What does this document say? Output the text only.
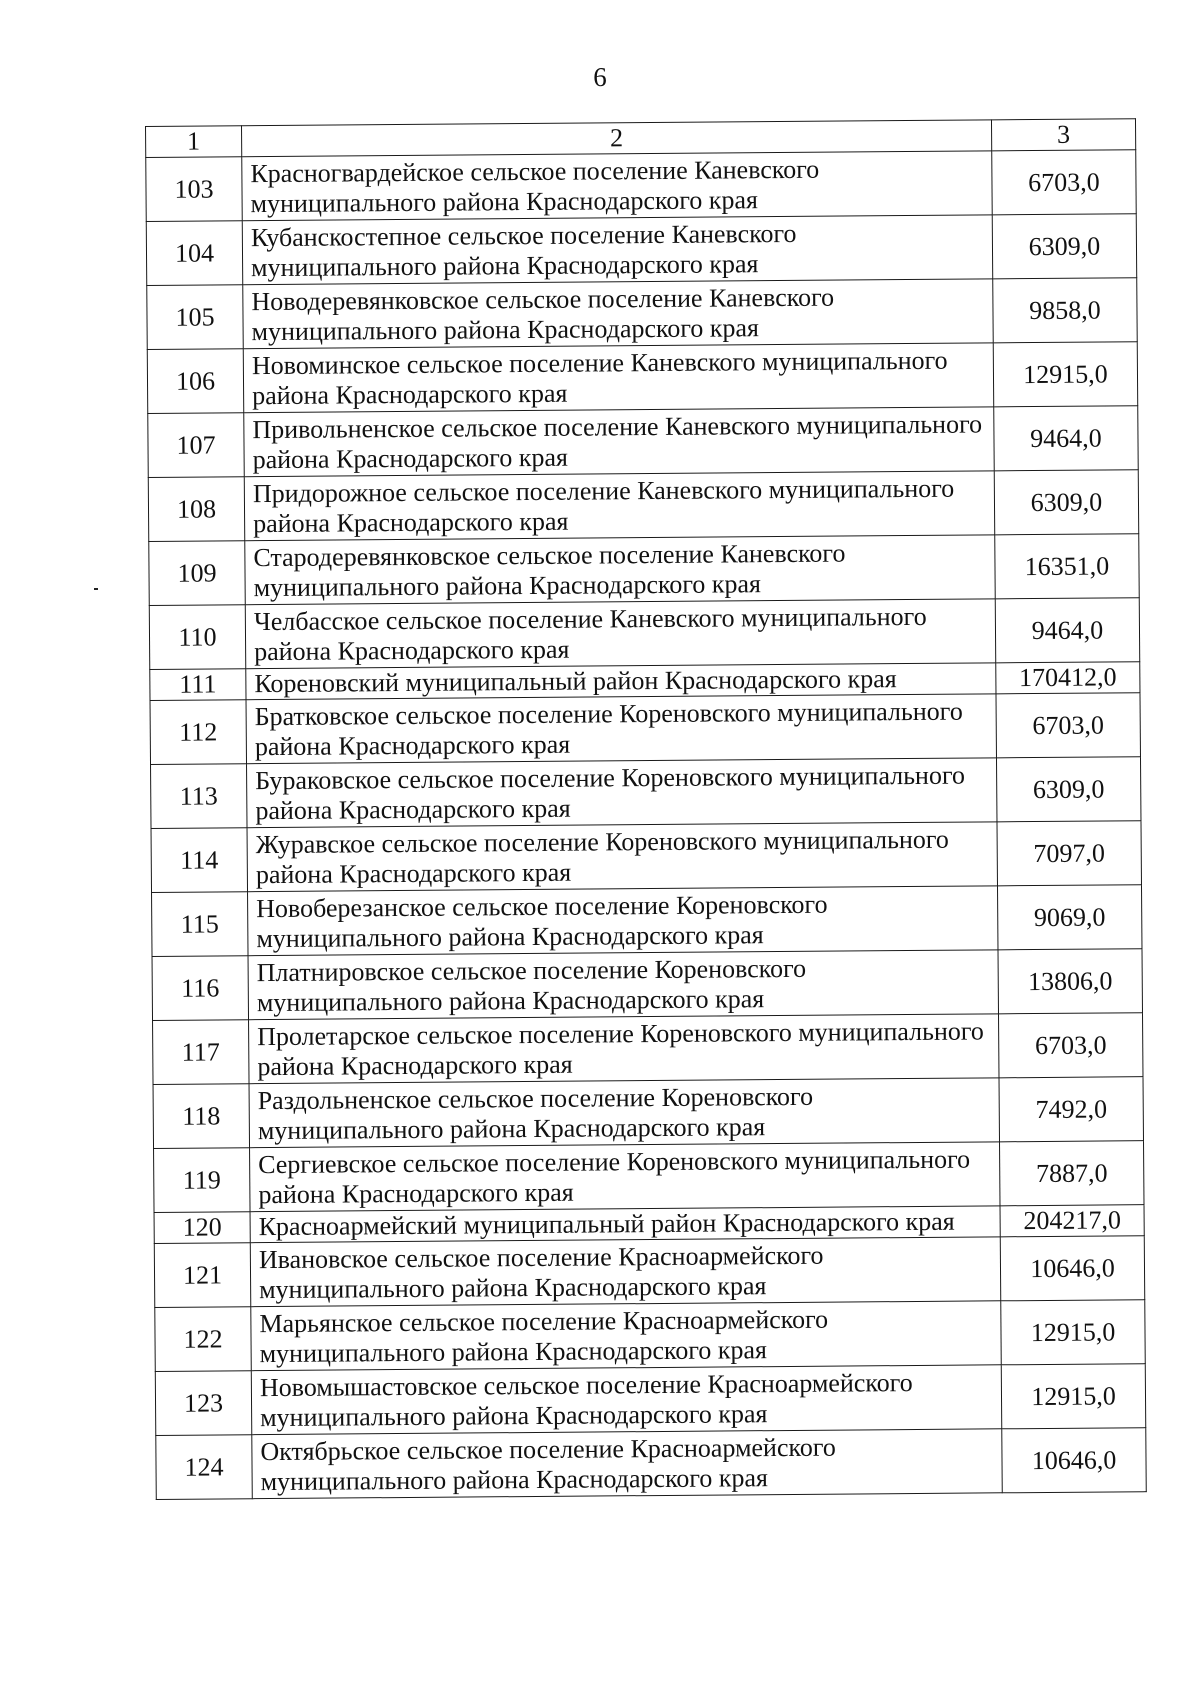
6
1	2	3
103	Красногвардейское сельское поселение Каневского муниципального района Краснодарского края	6703,0
104	Кубанскостепное сельское поселение Каневского муниципального района Краснодарского края	6309,0
105	Новодеревянковское сельское поселение Каневского муниципального района Краснодарского края	9858,0
106	Новоминское сельское поселение Каневского муниципального района Краснодарского края	12915,0
107	Привольненское сельское поселение Каневского муниципального района Краснодарского края	9464,0
108	Придорожное сельское поселение Каневского муниципального района Краснодарского края	6309,0
109	Стародеревянковское сельское поселение Каневского муниципального района Краснодарского края	16351,0
110	Челбасское сельское поселение Каневского муниципального района Краснодарского края	9464,0
111	Кореновский муниципальный район Краснодарского края	170412,0
112	Братковское сельское поселение Кореновского муниципального района Краснодарского края	6703,0
113	Бураковское сельское поселение Кореновского муниципального района Краснодарского края	6309,0
114	Журавское сельское поселение Кореновского муниципального района Краснодарского края	7097,0
115	Новоберезанское сельское поселение Кореновского муниципального района Краснодарского края	9069,0
116	Платнировское сельское поселение Кореновского муниципального района Краснодарского края	13806,0
117	Пролетарское сельское поселение Кореновского муниципального района Краснодарского края	6703,0
118	Раздольненское сельское поселение Кореновского муниципального района Краснодарского края	7492,0
119	Сергиевское сельское поселение Кореновского муниципального района Краснодарского края	7887,0
120	Красноармейский муниципальный район Краснодарского края	204217,0
121	Ивановское сельское поселение Красноармейского муниципального района Краснодарского края	10646,0
122	Марьянское сельское поселение Красноармейского муниципального района Краснодарского края	12915,0
123	Новомышастовское сельское поселение Красноармейского муниципального района Краснодарского края	12915,0
124	Октябрьское сельское поселение Красноармейского муниципального района Краснодарского края	10646,0
